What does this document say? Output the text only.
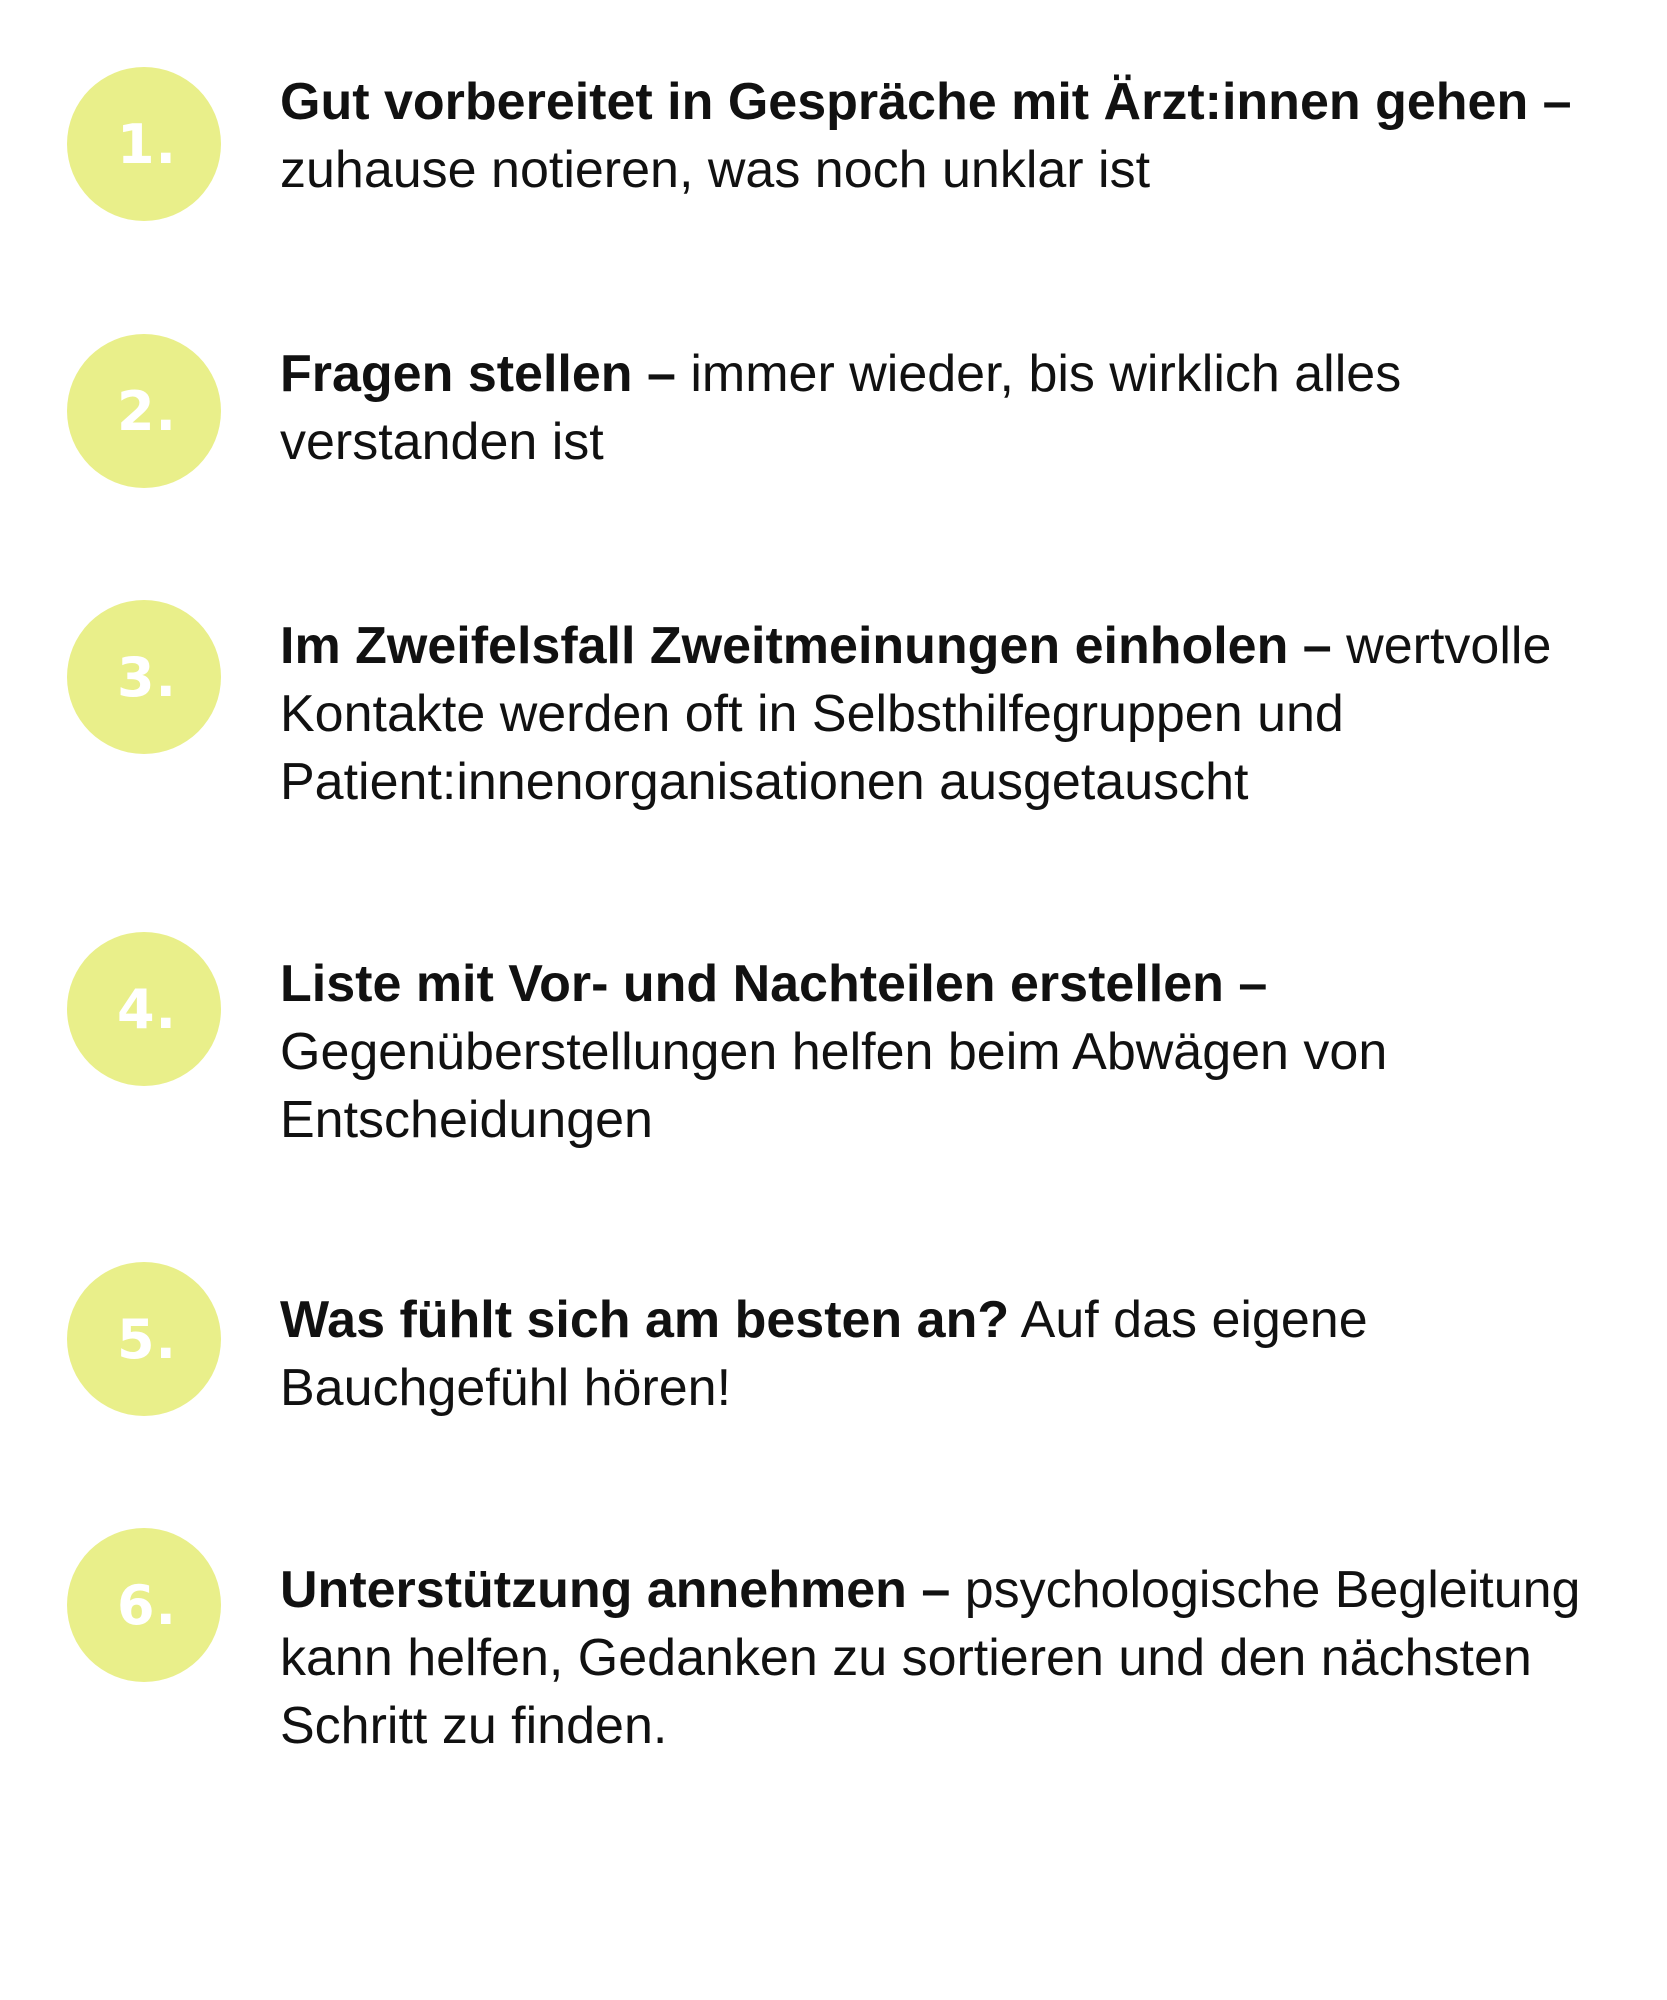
1.

Gut vorbereitet in Gespräche mit Ärzt:innen gehen – zuhause notieren, was noch unklar ist

2.

Fragen stellen – immer wieder, bis wirklich alles verstanden ist

3. Im Zweifelsfall Zweitmeinungen einholen – wertvolle Kontakte werden oft in Selbsthilfegruppen und Patient:innenorganisationen ausgetauscht

4. Liste mit Vor- und Nachteilen erstellen – Gegenüberstellungen helfen beim Abwägen von Entscheidungen

5. Was fühlt sich am besten an? Auf das eigene Bauchgefühl hören!

6. Unterstützung annehmen – psychologische Begleitung kann helfen, Gedanken zu sortieren und den nächsten Schritt zu finden.
